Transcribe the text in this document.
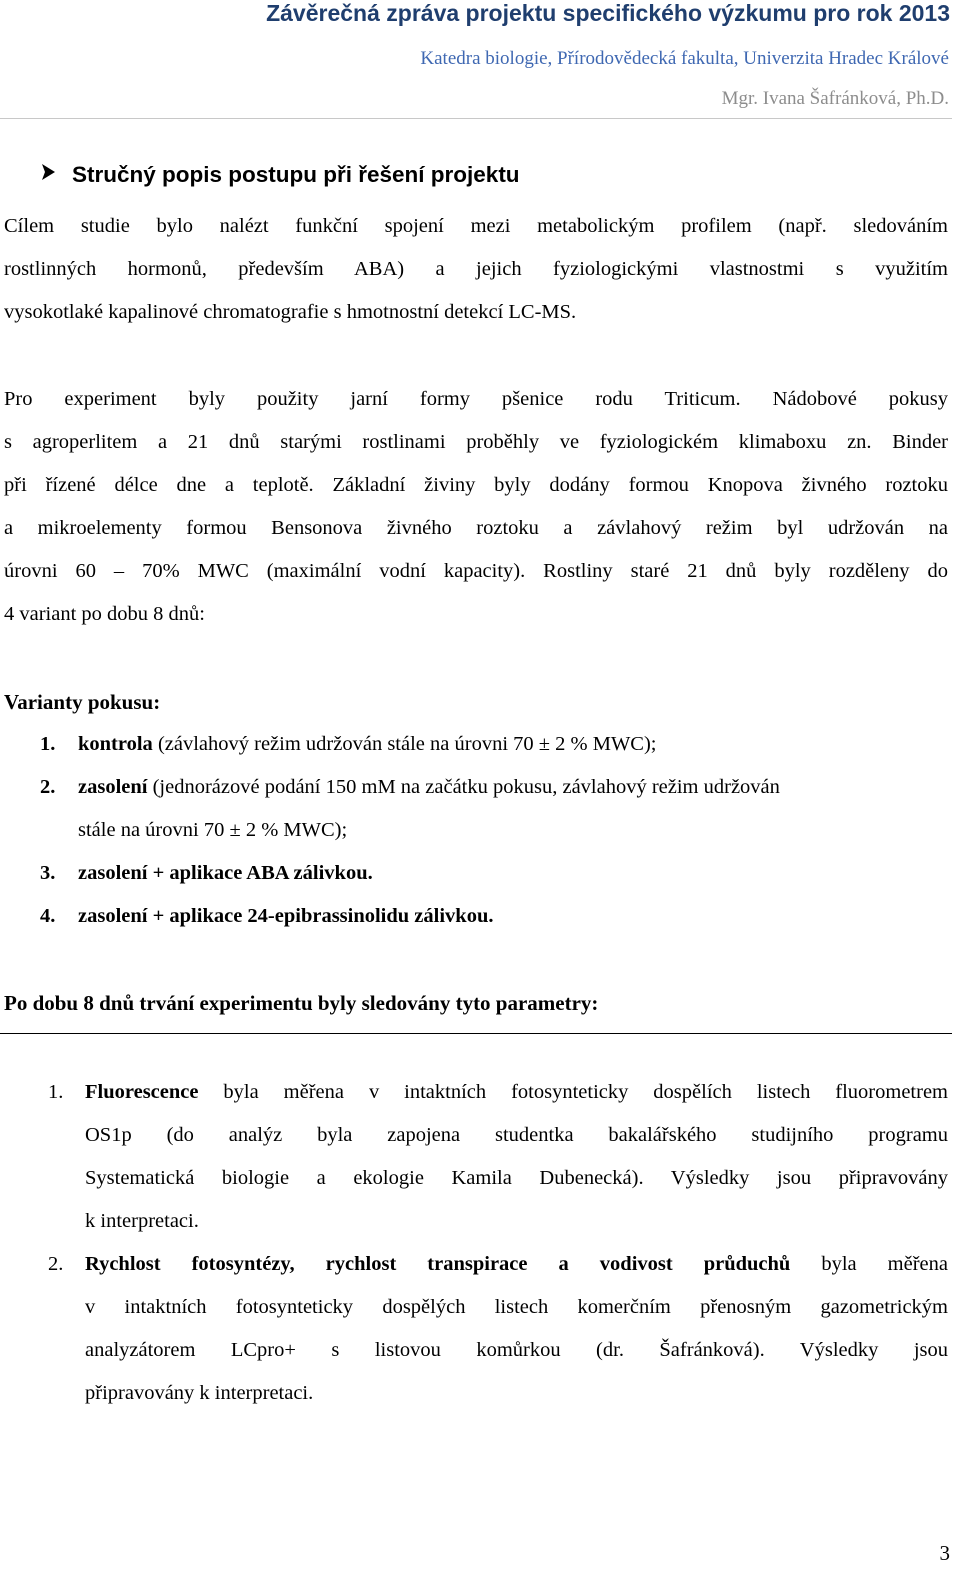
Závěrečná zpráva projektu specifického výzkumu pro rok 2013
Katedra biologie, Přírodovědecká fakulta, Univerzita Hradec Králové
Mgr. Ivana Šafránková, Ph.D.
Stručný popis postupu při řešení projektu
Cílem studie bylo nalézt funkční spojení mezi metabolickým profilem (např. sledováním
rostlinných hormonů, především ABA) a jejich fyziologickými vlastnostmi s využitím
vysokotlaké kapalinové chromatografie s hmotnostní detekcí LC-MS.
Pro experiment byly použity jarní formy pšenice rodu Triticum. Nádobové pokusy
s agroperlitem a 21 dnů starými rostlinami proběhly ve fyziologickém klimaboxu zn. Binder
při řízené délce dne a teplotě. Základní živiny byly dodány formou Knopova živného roztoku
a mikroelementy formou Bensonova živného roztoku a závlahový režim byl udržován na
úrovni 60 – 70% MWC (maximální vodní kapacity). Rostliny staré 21 dnů byly rozděleny do
4 variant po dobu 8 dnů:
Varianty pokusu:
1. kontrola (závlahový režim udržován stále na úrovni 70 ± 2 % MWC);
2. zasolení (jednorázové podání 150 mM na začátku pokusu, závlahový režim udržován
stále na úrovni 70 ± 2 % MWC);
3. zasolení + aplikace ABA zálivkou.
4. zasolení + aplikace 24-epibrassinolidu zálivkou.
Po dobu 8 dnů trvání experimentu byly sledovány tyto parametry:
1. Fluorescence byla měřena v intaktních fotosynteticky dospělích listech fluorometrem
OS1p (do analýz byla zapojena studentka bakalářského studijního programu
Systematická biologie a ekologie Kamila Dubenecká). Výsledky jsou připravovány
k interpretaci.
2. Rychlost fotosyntézy, rychlost transpirace a vodivost průduchů byla měřena
v intaktních fotosynteticky dospělých listech komerčním přenosným gazometrickým
analyzátorem LCpro+ s listovou komůrkou (dr. Šafránková). Výsledky jsou
připravovány k interpretaci.
3
